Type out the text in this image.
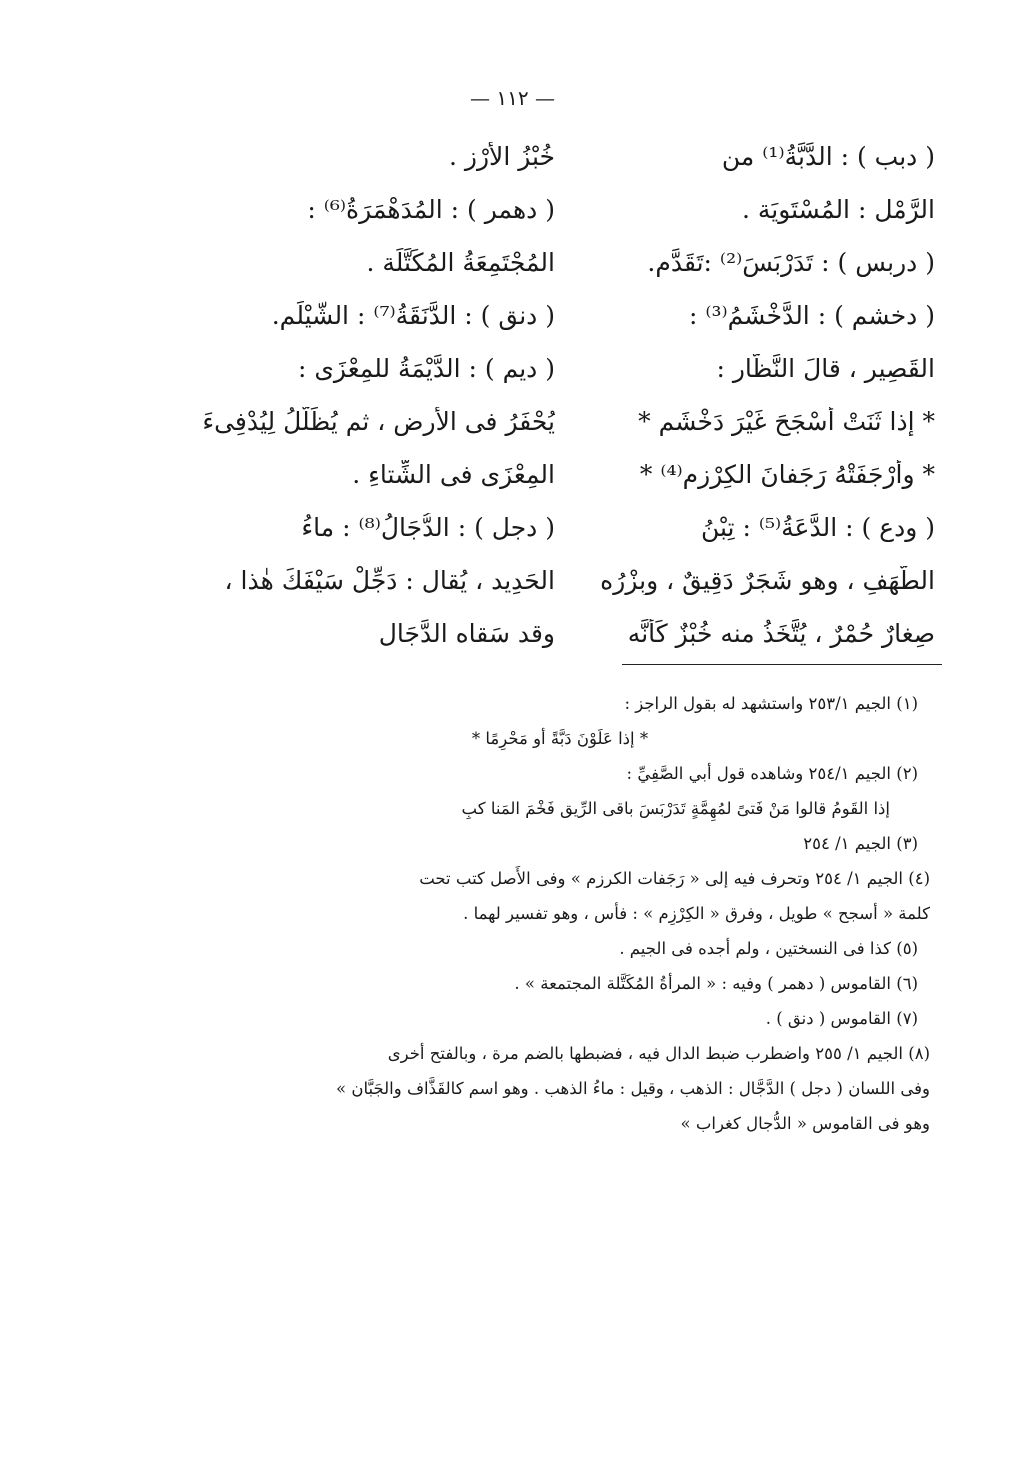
— ١١٢ —
( دبب ) : الدَّبَّةُ⁽¹⁾ من
خُبْزُ الأُرْز .
الرَّمْل : المُسْتَوِيَة .
( دهمر ) : المُدَهْمَرَةُ⁽⁶⁾ :
( دربس ) : تَدَرْبَسَ⁽²⁾ :تَقَدَّم.
المُجْتَمِعَةُ المُكَتَّلَة .
( دخشم ) : الدَّخْشَمُ⁽³⁾ :
( دنق ) : الدَّنَقَةُ⁽⁷⁾ : الشَّيْلَم.
القَصِير ، قالَ النَّظَّار :
( ديم ) : الدَّيْمَةُ للمِعْزَى :
* إذا ثَنَتْ أَسْجَحَ غَيْرَ دَخْشَمِ *
يُحْفَرُ فى الأَرضِ ، ثم يُظَلَّلُ لِيُدْفِىءَ
* وأَرْجَفَتْهُ رَجَفانَ الكِرْزِمِ⁽⁴⁾ *
المِعْزَى فى الشِّتاءِ .
( ودع ) : الدَّعَةُ⁽⁵⁾ : تِبْنُ
( دجل ) : الدُّجَالُ⁽⁸⁾ : ماءُ
الطَّهَفِ ، وهو شَجَرٌ دَقِيقٌ ، وبِزْرُه
الحَدِيد ، يُقال : دَجِّلْ سَيْفَكَ هٰذا ،
صِغارٌ حُمْرٌ ، يُتَّخَذُ منه خُبْزٌ كَأَنَّه
وقد سَقاه الدَّجَال
(١) الجيم ٢٥٣/١ واستشهد له بقول الراجز :
* إذا عَلَوْنَ دَبَّةً أو مَحْرِمًا *
(٢) الجيم ٢٥٤/١ وشاهده قول أبي الصَّفِيِّ :
إذا القَومُ قالوا مَنْ فَتىً لمُهِمَّةٍ تَدَرْبَسَ باقى الرِّيق فَخْمَ المَنا كبِ
(٣) الجيم ١/ ٢٥٤
(٤) الجيم ١/ ٢٥٤ وتحرف فيه إلى « رَجَفات الكرزم » وفى الأَصل كتب تحت
كلمة « أسجح » طويل ، وفرق « الكِرْزِم » : فأس ، وهو تفسير لهما .
(٥) كذا فى النسختين ، ولم أجده فى الجيم .
(٦) القاموس ( دهمر ) وفيه : « المرأةُ المُكَتَّلة المجتمعة » .
(٧) القاموس ( دنق ) .
(٨) الجيم ١/ ٢٥٥ واضطرب ضبط الدال فيه ، فضبطها بالضم مرة ، وبالفتح أخرى
وفى اللسان ( دجل ) الدَّجَّال : الذهب ، وقيل : ماءُ الذهب . وهو اسم كالقَذَّاف والجَبَّان »
وهو فى القاموس « الدُّجال كغراب »
